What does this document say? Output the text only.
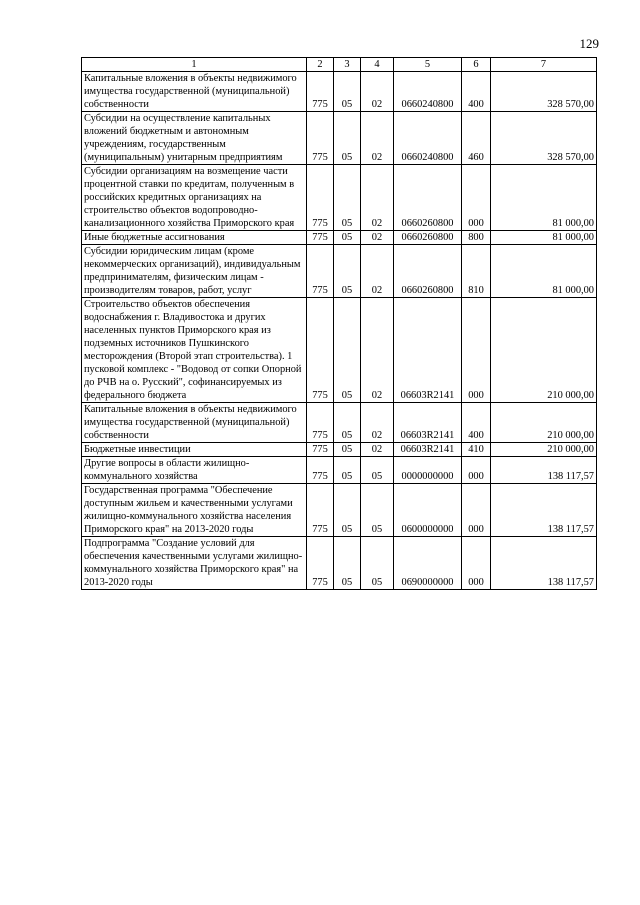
129
1	2	3	4	5	6	7
Капитальные вложения в объекты недвижимого имущества государственной (муниципальной) собственности	775	05	02	0660240800	400	328 570,00
Субсидии на осуществление капитальных вложений бюджетным и автономным учреждениям, государственным (муниципальным) унитарным предприятиям	775	05	02	0660240800	460	328 570,00
Субсидии организациям на возмещение части процентной ставки по кредитам, полученным в российских кредитных организациях на строительство объектов водопроводно-канализационного хозяйства Приморского края	775	05	02	0660260800	000	81 000,00
Иные бюджетные ассигнования	775	05	02	0660260800	800	81 000,00
Субсидии юридическим лицам (кроме некоммерческих организаций), индивидуальным предпринимателям, физическим лицам - производителям товаров, работ, услуг	775	05	02	0660260800	810	81 000,00
Строительство объектов обеспечения водоснабжения г. Владивостока и других населенных пунктов Приморского края из подземных источников Пушкинского месторождения (Второй этап строительства). 1 пусковой комплекс - "Водовод от сопки Опорной до РЧВ на о. Русский", софинансируемых из федерального бюджета	775	05	02	06603R2141	000	210 000,00
Капитальные вложения в объекты недвижимого имущества государственной (муниципальной) собственности	775	05	02	06603R2141	400	210 000,00
Бюджетные инвестиции	775	05	02	06603R2141	410	210 000,00
Другие вопросы в области жилищно-коммунального хозяйства	775	05	05	0000000000	000	138 117,57
Государственная программа "Обеспечение доступным жильем и качественными услугами жилищно-коммунального хозяйства населения Приморского края" на 2013-2020 годы	775	05	05	0600000000	000	138 117,57
Подпрограмма "Создание условий для обеспечения качественными услугами жилищно-коммунального хозяйства Приморского края" на 2013-2020 годы	775	05	05	0690000000	000	138 117,57
